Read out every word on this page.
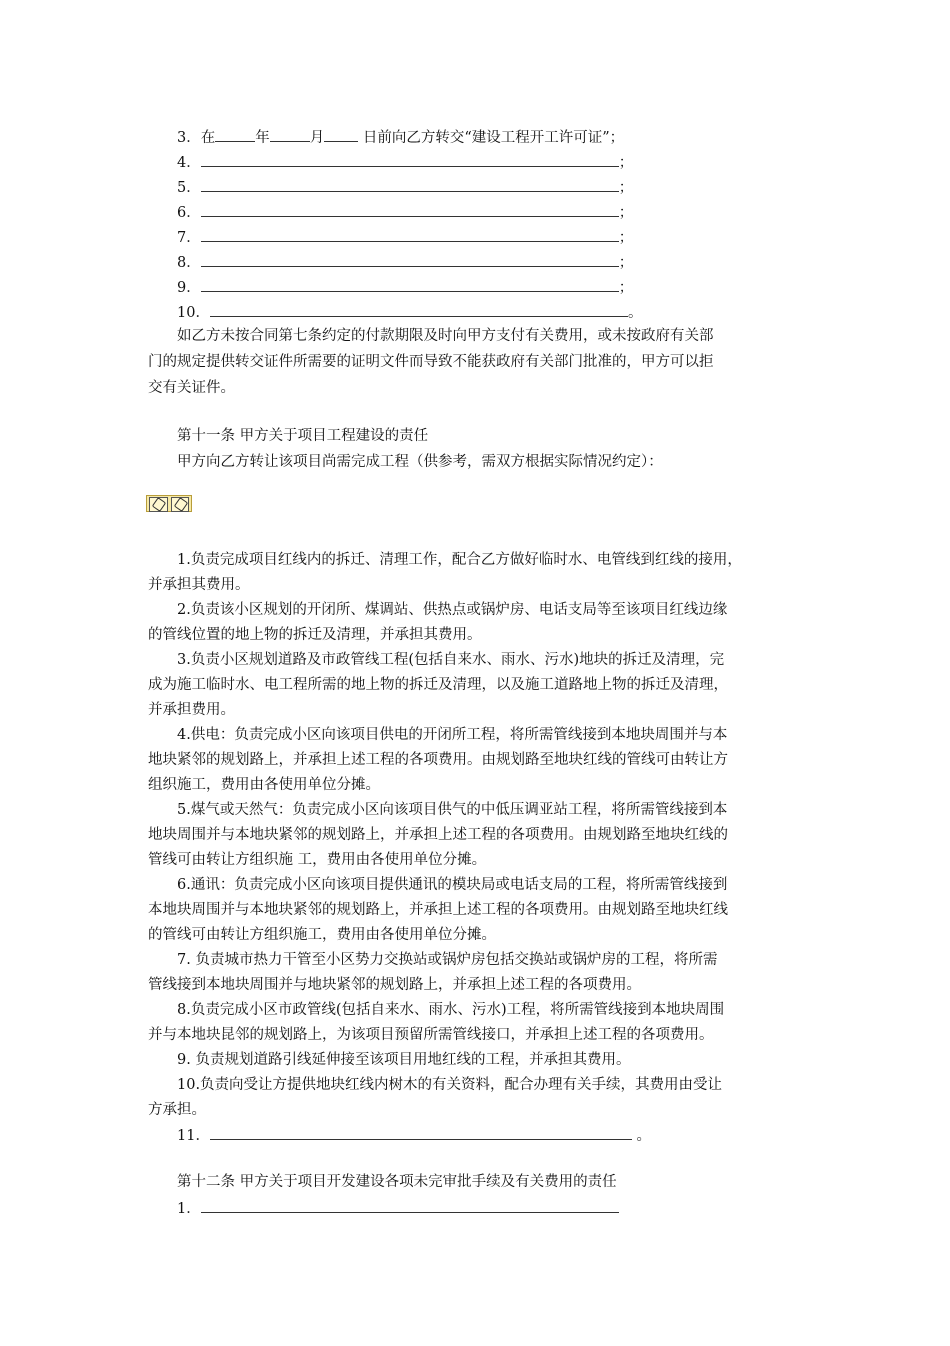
3．在	年	月 日前向乙方转交“建设工程开工许可证”；
4．	；
5．	；
6．	；
7．	；
8．	；
9．	；
10．	。
如乙方未按合同第七条约定的付款期限及时向甲方支付有关费用，或未按政府有关部
门的规定提供转交证件所需要的证明文件而导致不能获政府有关部门批准的，甲方可以拒
交有关证件。
第十一条 甲方关于项目工程建设的责任
甲方向乙方转让该项目尚需完成工程（供参考，需双方根据实际情况约定）：
1.负责完成项目红线内的拆迁、清理工作，配合乙方做好临时水、电管线到红线的接用，
并承担其费用。
2.负责该小区规划的开闭所、煤调站、供热点或锅炉房、电话支局等至该项目红线边缘
的管线位置的地上物的拆迁及清理，并承担其费用。
3.负责小区规划道路及市政管线工程(包括自来水、雨水、污水)地块的拆迁及清理，完
成为施工临时水、电工程所需的地上物的拆迁及清理，以及施工道路地上物的拆迁及清理，
并承担费用。
4.供电：负责完成小区向该项目供电的开闭所工程，将所需管线接到本地块周围并与本
地块紧邻的规划路上，并承担上述工程的各项费用。由规划路至地块红线的管线可由转让方
组织施工，费用由各使用单位分摊。
5.煤气或天然气：负责完成小区向该项目供气的中低压调亚站工程，将所需管线接到本
地块周围并与本地块紧邻的规划路上，并承担上述工程的各项费用。由规划路至地块红线的
管线可由转让方组织施 工，费用由各使用单位分摊。
6.通讯：负责完成小区向该项目提供通讯的模块局或电话支局的工程，将所需管线接到
本地块周围并与本地块紧邻的规划路上，并承担上述工程的各项费用。由规划路至地块红线
的管线可由转让方组织施工，费用由各使用单位分摊。
7. 负责城市热力干管至小区势力交换站或锅炉房包括交换站或锅炉房的工程，将所需
管线接到本地块周围并与地块紧邻的规划路上，并承担上述工程的各项费用。
8.负责完成小区市政管线(包括自来水、雨水、污水)工程，将所需管线接到本地块周围
并与本地块昆邻的规划路上，为该项目预留所需管线接口，并承担上述工程的各项费用。
9. 负责规划道路引线延伸接至该项目用地红线的工程，并承担其费用。
10.负责向受让方提供地块红线内树木的有关资料，配合办理有关手续，其费用由受让
方承担。
11．	。
第十二条 甲方关于项目开发建设各项未完审批手续及有关费用的责任
1．
